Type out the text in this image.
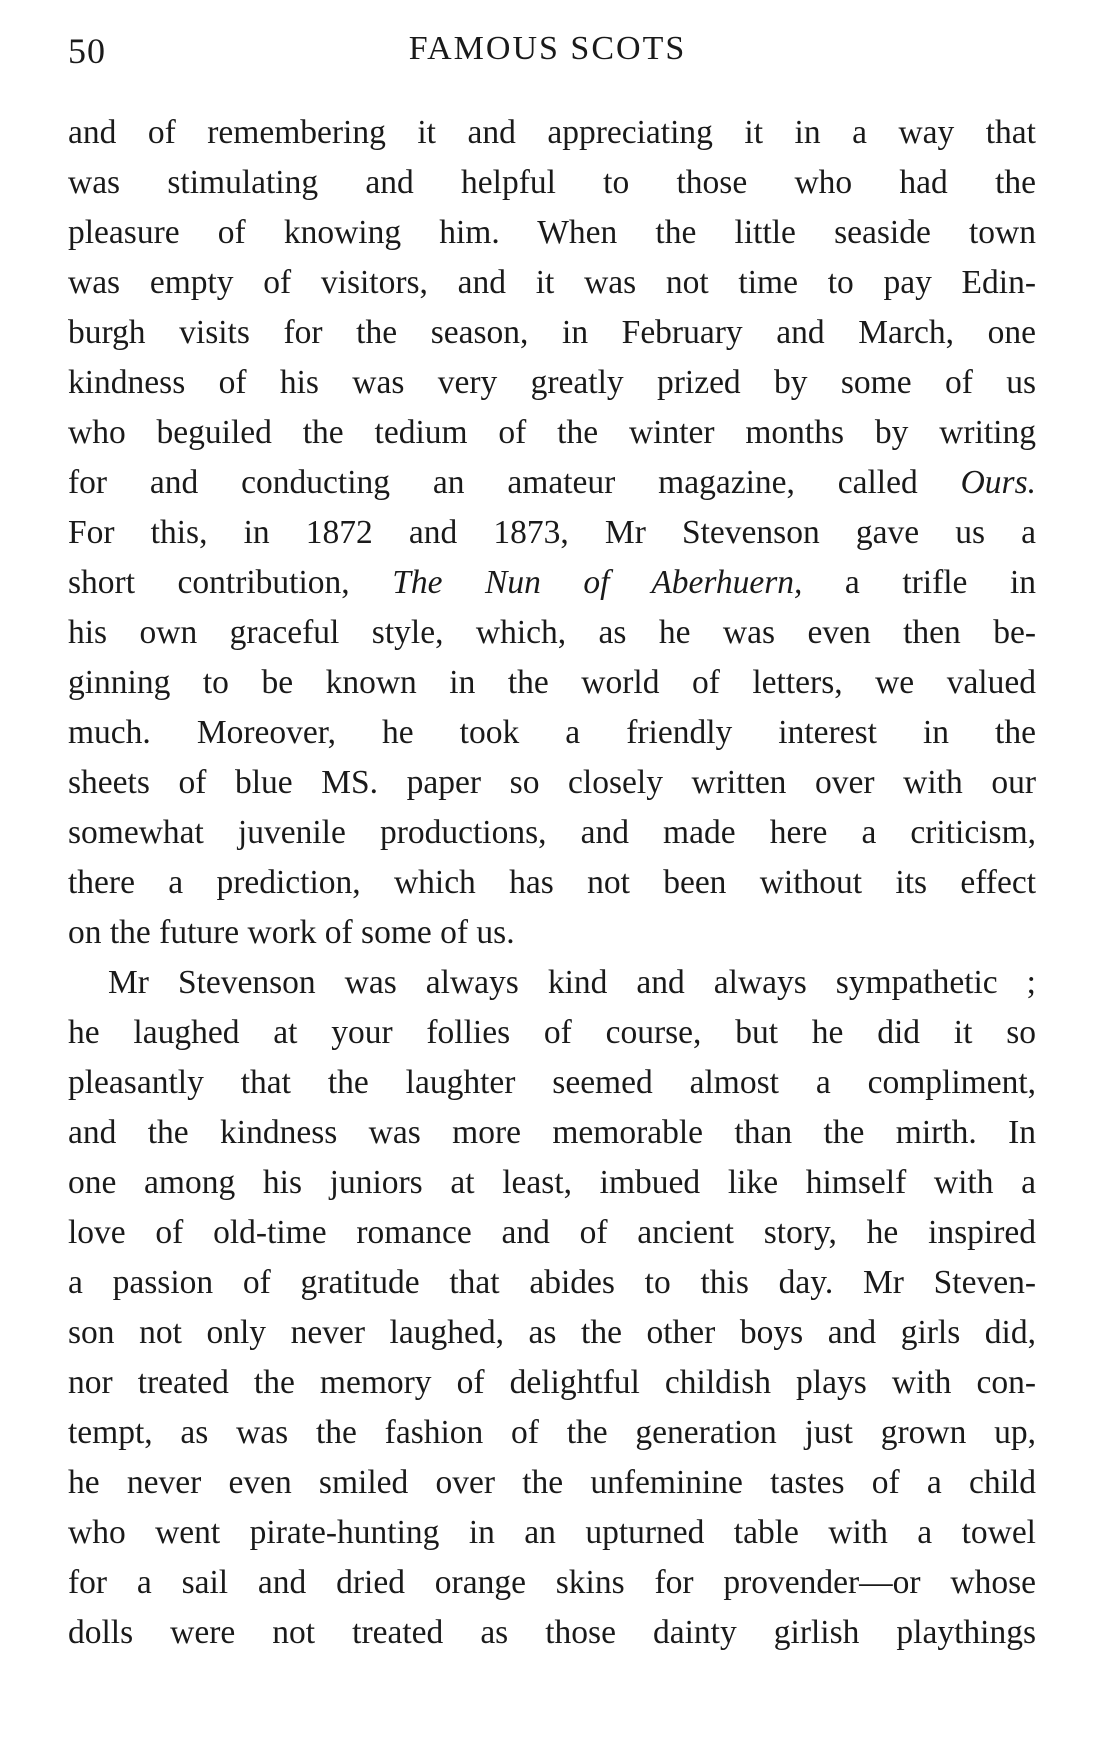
50	FAMOUS SCOTS
and of remembering it and appreciating it in a way that
was stimulating and helpful to those who had the
pleasure of knowing him. When the little seaside town
was empty of visitors, and it was not time to pay Edin-
burgh visits for the season, in February and March, one
kindness of his was very greatly prized by some of us
who beguiled the tedium of the winter months by writing
for and conducting an amateur magazine, called Ours.
For this, in 1872 and 1873, Mr Stevenson gave us a
short contribution, The Nun of Aberhuern, a trifle in
his own graceful style, which, as he was even then be-
ginning to be known in the world of letters, we valued
much. Moreover, he took a friendly interest in the
sheets of blue MS. paper so closely written over with our
somewhat juvenile productions, and made here a criticism,
there a prediction, which has not been without its effect
on the future work of some of us.
Mr Stevenson was always kind and always sympathetic ;
he laughed at your follies of course, but he did it so
pleasantly that the laughter seemed almost a compliment,
and the kindness was more memorable than the mirth. In
one among his juniors at least, imbued like himself with a
love of old-time romance and of ancient story, he inspired
a passion of gratitude that abides to this day. Mr Steven-
son not only never laughed, as the other boys and girls did,
nor treated the memory of delightful childish plays with con-
tempt, as was the fashion of the generation just grown up,
he never even smiled over the unfeminine tastes of a child
who went pirate-hunting in an upturned table with a towel
for a sail and dried orange skins for provender—or whose
dolls were not treated as those dainty girlish playthings
